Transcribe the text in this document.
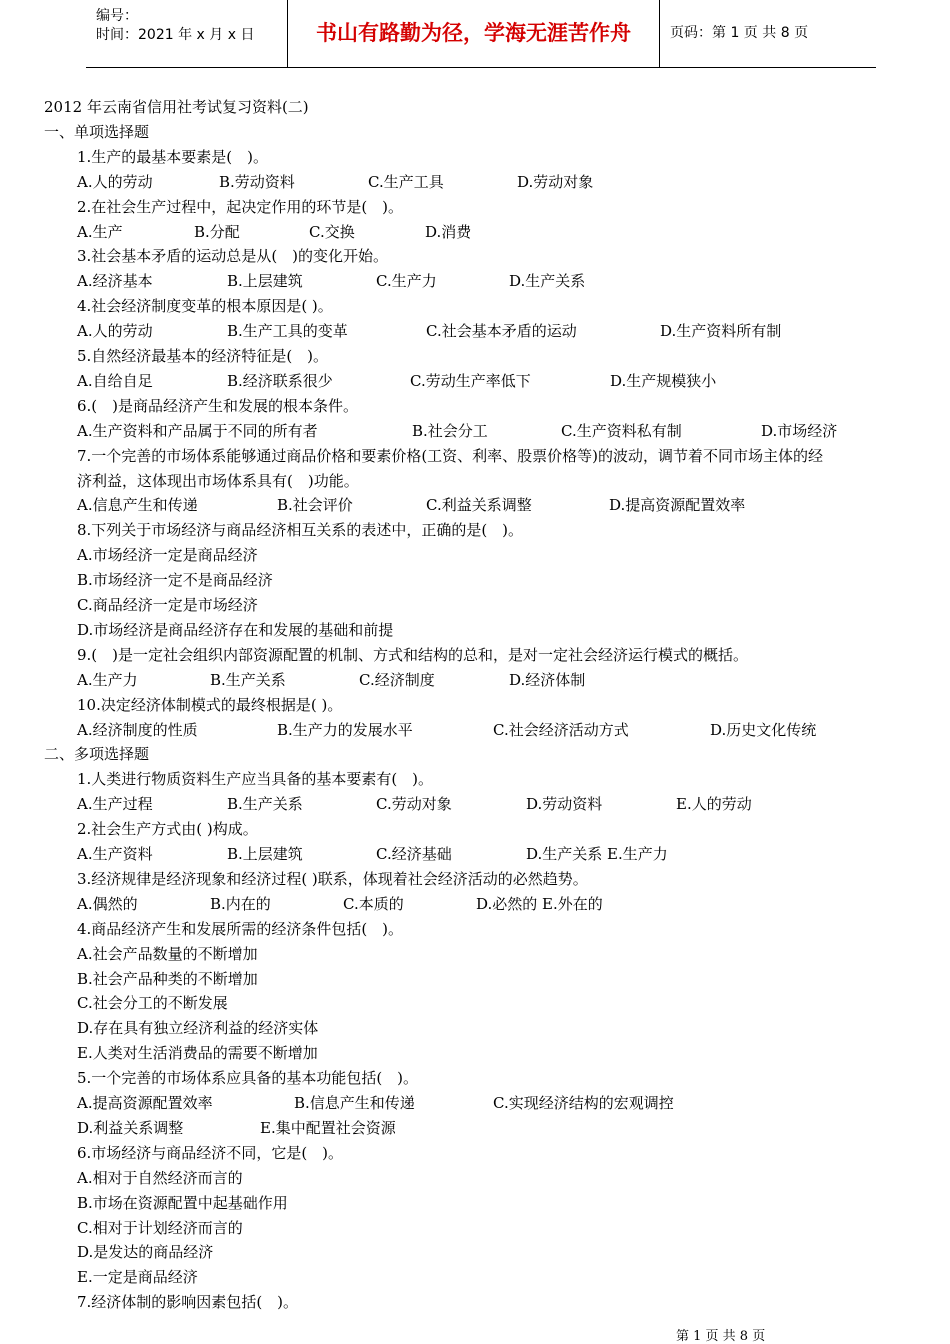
编号：
时间：2021 年 x 月 x 日	书山有路勤为径，学海无涯苦作舟	页码：第 1 页 共 8 页
2012 年云南省信用社考试复习资料(二)
一、单项选择题
1.生产的最基本要素是(　)。
A.人的劳动	B.劳动资料	C.生产工具	D.劳动对象
2.在社会生产过程中，起决定作用的环节是(　)。
A.生产	B.分配	C.交换	D.消费
3.社会基本矛盾的运动总是从(　)的变化开始。
A.经济基本	B.上层建筑	C.生产力	D.生产关系
4.社会经济制度变革的根本原因是( )。
A.人的劳动	B.生产工具的变革	C.社会基本矛盾的运动	D.生产资料所有制
5.自然经济最基本的经济特征是(　)。
A.自给自足	B.经济联系很少	C.劳动生产率低下	D.生产规模狭小
6.(　)是商品经济产生和发展的根本条件。
A.生产资料和产品属于不同的所有者	B.社会分工	C.生产资料私有制	D.市场经济
7.一个完善的市场体系能够通过商品价格和要素价格(工资、利率、股票价格等)的波动，调节着不同市场主体的经
济利益，这体现出市场体系具有(　)功能。
A.信息产生和传递	B.社会评价	C.利益关系调整	D.提高资源配置效率
8.下列关于市场经济与商品经济相互关系的表述中，正确的是(　)。
A.市场经济一定是商品经济
B.市场经济一定不是商品经济
C.商品经济一定是市场经济
D.市场经济是商品经济存在和发展的基础和前提
9.(　)是一定社会组织内部资源配置的机制、方式和结构的总和，是对一定社会经济运行模式的概括。
A.生产力	B.生产关系	C.经济制度	D.经济体制
10.决定经济体制模式的最终根据是( )。
A.经济制度的性质	B.生产力的发展水平	C.社会经济活动方式	D.历史文化传统
二、多项选择题
1.人类进行物质资料生产应当具备的基本要素有(　)。
A.生产过程	B.生产关系	C.劳动对象	D.劳动资料	E.人的劳动
2.社会生产方式由( )构成。
A.生产资料	B.上层建筑	C.经济基础	D.生产关系 E.生产力
3.经济规律是经济现象和经济过程( )联系，体现着社会经济活动的必然趋势。
A.偶然的	B.内在的	C.本质的	D.必然的 E.外在的
4.商品经济产生和发展所需的经济条件包括(　)。
A.社会产品数量的不断增加
B.社会产品种类的不断增加
C.社会分工的不断发展
D.存在具有独立经济利益的经济实体
E.人类对生活消费品的需要不断增加
5.一个完善的市场体系应具备的基本功能包括(　)。
A.提高资源配置效率	B.信息产生和传递	C.实现经济结构的宏观调控
D.利益关系调整	E.集中配置社会资源
6.市场经济与商品经济不同，它是(　)。
A.相对于自然经济而言的
B.市场在资源配置中起基础作用
C.相对于计划经济而言的
D.是发达的商品经济
E.一定是商品经济
7.经济体制的影响因素包括(　)。
第 1 页 共 8 页
